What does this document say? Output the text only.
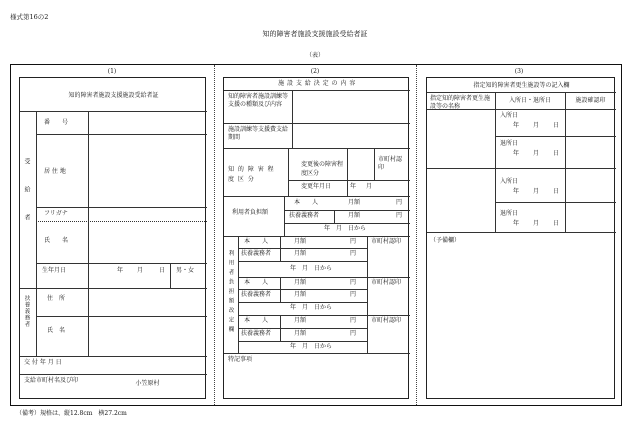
様式第16の2
知的障害者施設支援施設受給者証
（表）
(1)	(2)	(3)
知的障害者施設支援施設受給者証
受給者
番　　号
居 住 地
フリガナ
氏　　名
生年月日	年 月	日 男・女
扶養義務者	住　所
氏　名
交 付 年 月 日
支給市町村名及び印	小笠原村
施 設 支 給 決 定 の 内 容
知的障害者施設訓練等支援の種類及び内容
施設訓練等支援費支給期間
知 的 障 害 程 度 区 分
変更後の障害程度区分
市町村認印
変更年月日	年 月
利用者負担額
本　　人	月額	円
扶養義務者	月額	円
年　月　日から
利用者負担額改定欄
本　　人	月額	円 市町村認印
扶養義務者	月額	円
年　月　日から
本　　人	月額	円 市町村認印
扶養義務者	月額	円
年　月　日から
本　　人	月額	円 市町村認印
扶養義務者	月額	円
年　月　日から
特記事項
指定知的障害者更生施設等の記入欄
指定知的障害者更生施設等の名称
入所日・退所日	施設確認印
入所日
年 月 日
退所日
年 月 日
入所日
年 月 日
退所日
年 月 日
（予備欄）
（備考）規格は、縦12.8cm　横27.2cm
